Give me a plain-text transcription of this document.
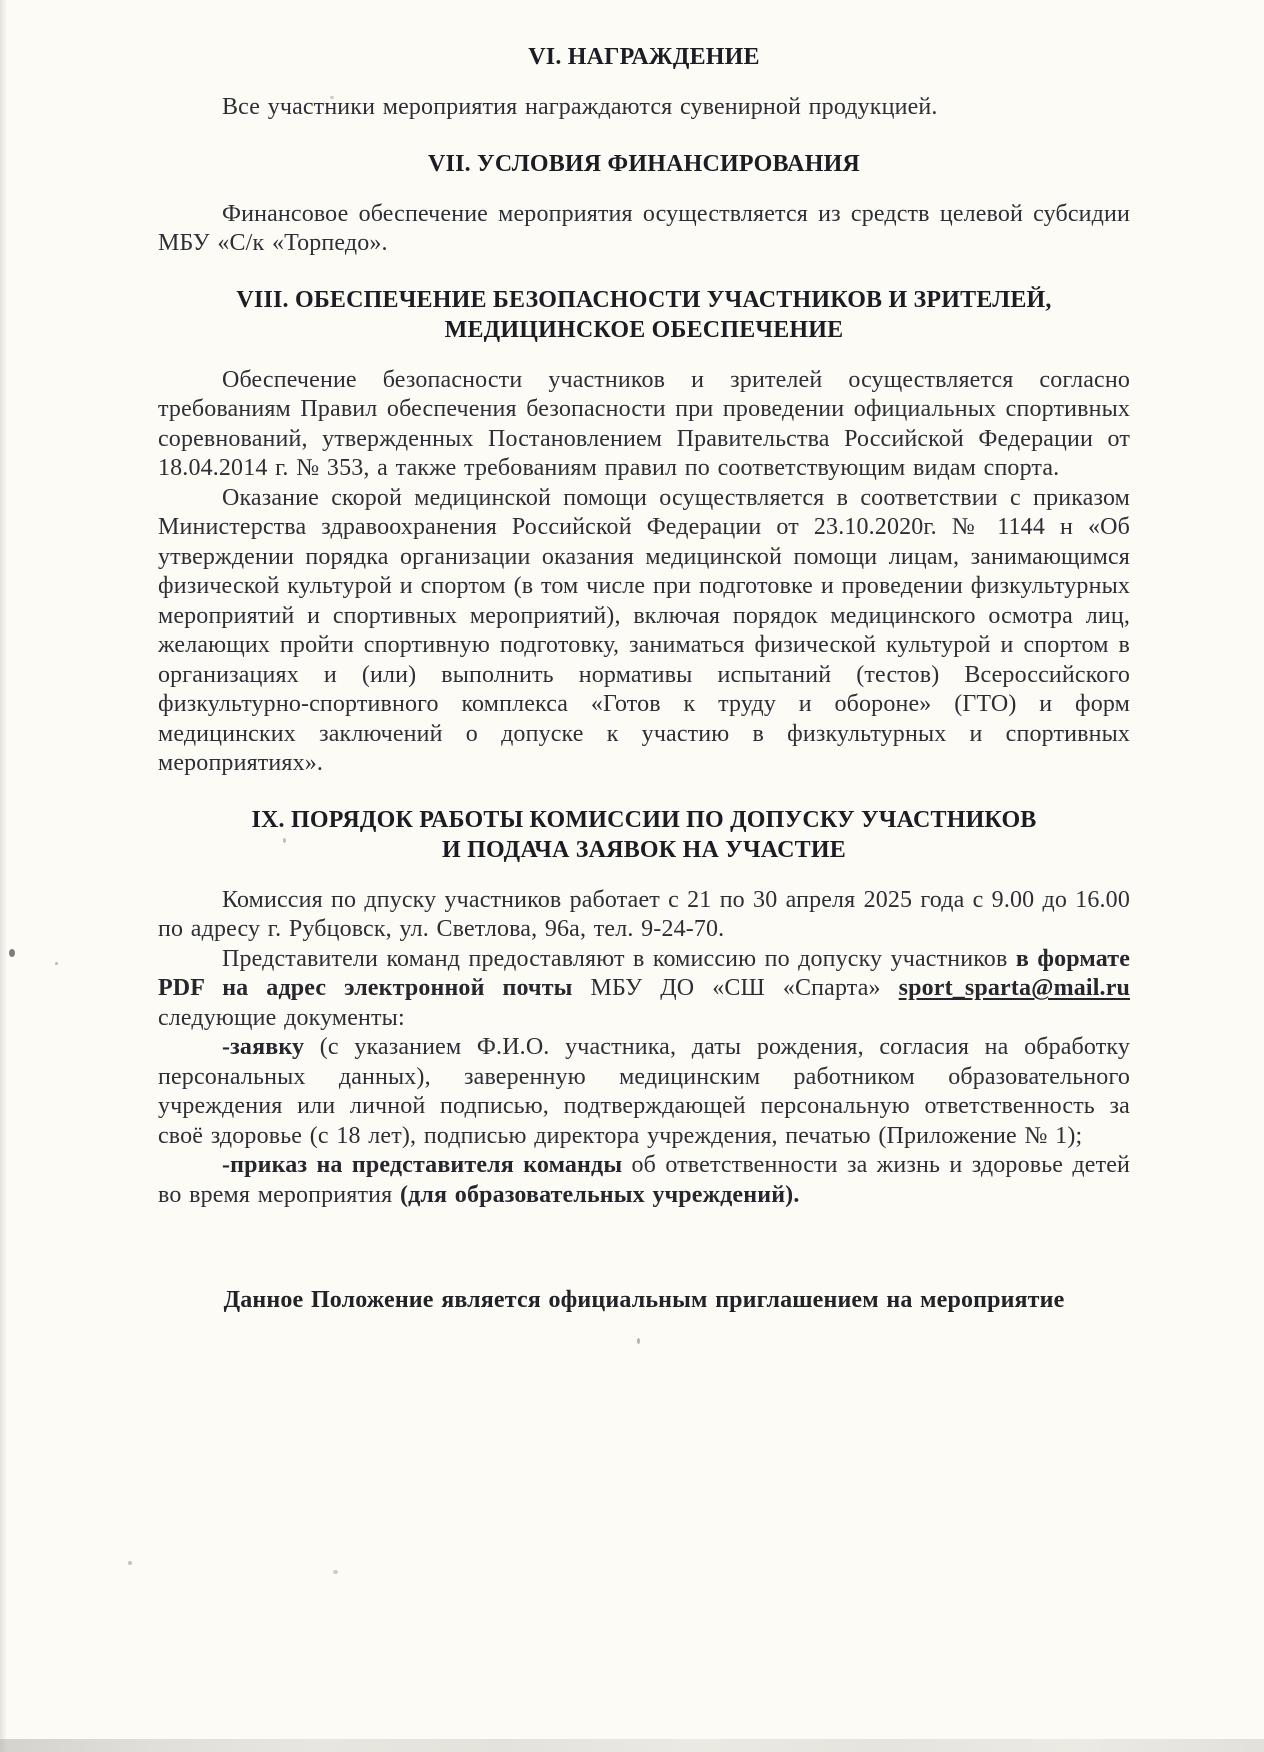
VI. НАГРАЖДЕНИЕ

Все участники мероприятия награждаются сувенирной продукцией.

VII. УСЛОВИЯ ФИНАНСИРОВАНИЯ

Финансовое обеспечение мероприятия осуществляется из средств целевой субсидии МБУ «С/к «Торпедо».

VIII. ОБЕСПЕЧЕНИЕ БЕЗОПАСНОСТИ УЧАСТНИКОВ И ЗРИТЕЛЕЙ,
МЕДИЦИНСКОЕ ОБЕСПЕЧЕНИЕ

Обеспечение безопасности участников и зрителей осуществляется согласно требованиям Правил обеспечения безопасности при проведении официальных спортивных соревнований, утвержденных Постановлением Правительства Российской Федерации от 18.04.2014 г. № 353, а также требованиям правил по соответствующим видам спорта.

Оказание скорой медицинской помощи осуществляется в соответствии с приказом Министерства здравоохранения Российской Федерации от 23.10.2020г. № 1144 н «Об утверждении порядка организации оказания медицинской помощи лицам, занимающимся физической культурой и спортом (в том числе при подготовке и проведении физкультурных мероприятий и спортивных мероприятий), включая порядок медицинского осмотра лиц, желающих пройти спортивную подготовку, заниматься физической культурой и спортом в организациях и (или) выполнить нормативы испытаний (тестов) Всероссийского физкультурно-спортивного комплекса «Готов к труду и обороне» (ГТО) и форм медицинских заключений о допуске к участию в физкультурных и спортивных мероприятиях».

IX. ПОРЯДОК РАБОТЫ КОМИССИИ ПО ДОПУСКУ УЧАСТНИКОВ
И ПОДАЧА ЗАЯВОК НА УЧАСТИЕ

Комиссия по дпуску участников работает с 21 по 30 апреля 2025 года с 9.00 до 16.00 по адресу г. Рубцовск, ул. Светлова, 96а, тел. 9-24-70.

Представители команд предоставляют в комиссию по допуску участников в формате PDF на адрес электронной почты МБУ ДО «СШ «Спарта» sport_sparta@mail.ru следующие документы:

-заявку (с указанием Ф.И.О. участника, даты рождения, согласия на обработку персональных данных), заверенную медицинским работником образовательного учреждения или личной подписью, подтверждающей персональную ответственность за своё здоровье (с 18 лет), подписью директора учреждения, печатью (Приложение № 1);

-приказ на представителя команды об ответственности за жизнь и здоровье детей во время мероприятия (для образовательных учреждений).

Данное Положение является официальным приглашением на мероприятие
